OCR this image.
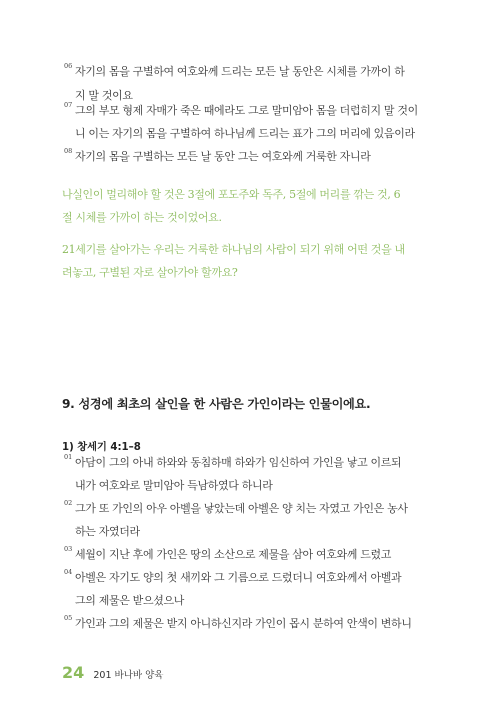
06 자기의 몸을 구별하여 여호와께 드리는 모든 날 동안은 시체를 가까이 하
지 말 것이요
07 그의 부모 형제 자매가 죽은 때에라도 그로 말미암아 몸을 더럽히지 말 것이
니 이는 자기의 몸을 구별하여 하나님께 드리는 표가 그의 머리에 있음이라
08 자기의 몸을 구별하는 모든 날 동안 그는 여호와께 거룩한 자니라
나실인이 멀리해야 할 것은 3절에 포도주와 독주, 5절에 머리를 깎는 것, 6
절 시체를 가까이 하는 것이었어요.
21세기를 살아가는 우리는 거룩한 하나님의 사람이 되기 위해 어떤 것을 내
려놓고, 구별된 자로 살아가야 할까요?
9. 성경에 최초의 살인을 한 사람은 가인이라는 인물이에요.
1) 창세기 4:1–8
01 아담이 그의 아내 하와와 동침하매 하와가 임신하여 가인을 낳고 이르되
내가 여호와로 말미암아 득남하였다 하니라
02 그가 또 가인의 아우 아벨을 낳았는데 아벨은 양 치는 자였고 가인은 농사
하는 자였더라
03 세월이 지난 후에 가인은 땅의 소산으로 제물을 삼아 여호와께 드렸고
04 아벨은 자기도 양의 첫 새끼와 그 기름으로 드렸더니 여호와께서 아벨과
그의 제물은 받으셨으나
05 가인과 그의 제물은 받지 아니하신지라 가인이 몹시 분하여 안색이 변하니
24 201 바나바 양육
